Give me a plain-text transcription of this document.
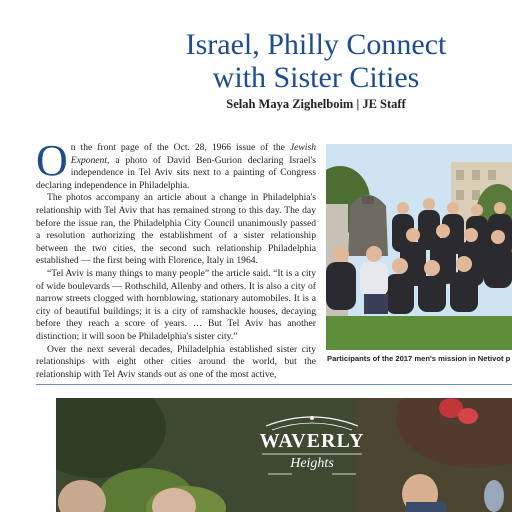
Israel, Philly Connect
with Sister Cities
Selah Maya Zighelboim | JE Staff

On the front page of the Oct. 28, 1966 issue of the Jewish Exponent, a photo of David Ben-Gurion declaring Israel's independence in Tel Aviv sits next to a painting of Congress declaring independence in Philadelphia.

The photos accompany an article about a change in Philadelphia's relationship with Tel Aviv that has remained strong to this day. The day before the issue ran, the Philadelphia City Council unanimously passed a resolution authorizing the establishment of a sister relationship between the two cities, the second such relationship Philadelphia established — the first being with Florence, Italy in 1964.

“Tel Aviv is many things to many people” the article said. “It is a city of wide boulevards — Rothschild, Allenby and others. It is also a city of narrow streets clogged with hornblowing, stationary automobiles. It is a city of beautiful buildings; it is a city of ramshackle houses, decaying before they reach a score of years. … But Tel Aviv has another distinction; it will soon be Philadelphia's sister city.”

Over the next several decades, Philadelphia established sister city relationships with eight other cities around the world, but the relationship with Tel Aviv stands out as one of the most active,

Participants of the 2017 men's mission in Netivot p
WAVERLY
Heights
